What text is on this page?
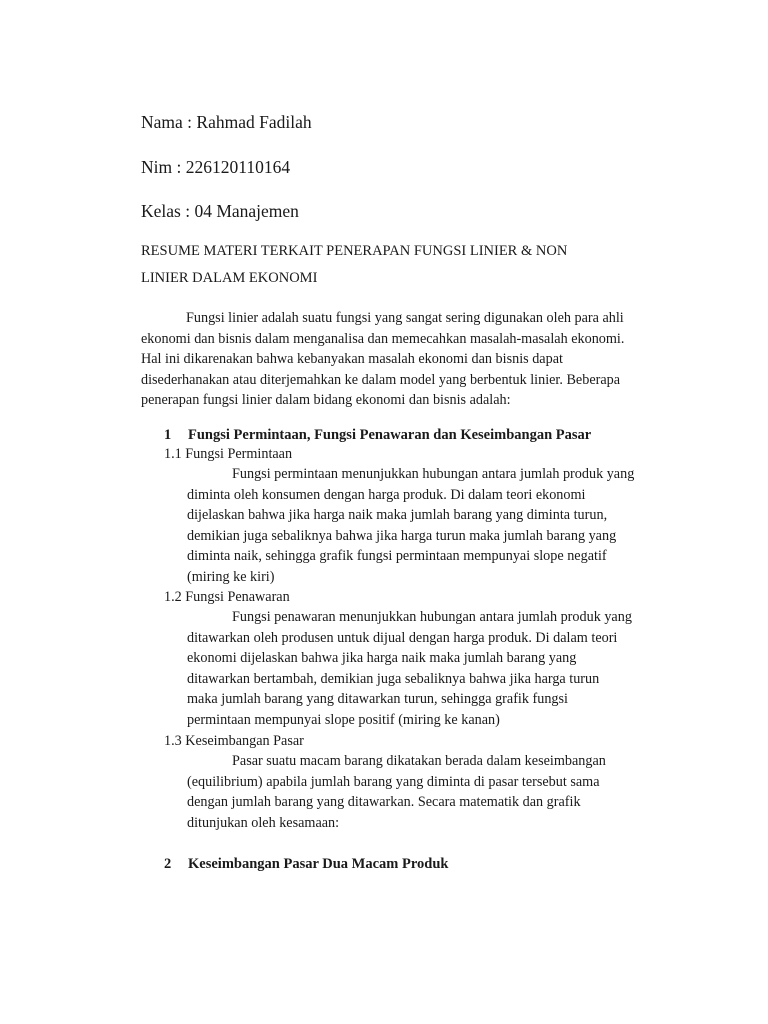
Nama : Rahmad Fadilah
Nim : 226120110164
Kelas : 04 Manajemen
RESUME MATERI TERKAIT PENERAPAN FUNGSI LINIER & NON
LINIER DALAM EKONOMI
Fungsi linier adalah suatu fungsi yang sangat sering digunakan oleh para ahli
ekonomi dan bisnis dalam menganalisa dan memecahkan masalah-masalah ekonomi.
Hal ini dikarenakan bahwa kebanyakan masalah ekonomi dan bisnis dapat
disederhanakan atau diterjemahkan ke dalam model yang berbentuk linier. Beberapa
penerapan fungsi linier dalam bidang ekonomi dan bisnis adalah:
1 Fungsi Permintaan, Fungsi Penawaran dan Keseimbangan Pasar
1.1 Fungsi Permintaan
Fungsi permintaan menunjukkan hubungan antara jumlah produk yang
diminta oleh konsumen dengan harga produk. Di dalam teori ekonomi
dijelaskan bahwa jika harga naik maka jumlah barang yang diminta turun,
demikian juga sebaliknya bahwa jika harga turun maka jumlah barang yang
diminta naik, sehingga grafik fungsi permintaan mempunyai slope negatif
(miring ke kiri)
1.2 Fungsi Penawaran
Fungsi penawaran menunjukkan hubungan antara jumlah produk yang
ditawarkan oleh produsen untuk dijual dengan harga produk. Di dalam teori
ekonomi dijelaskan bahwa jika harga naik maka jumlah barang yang
ditawarkan bertambah, demikian juga sebaliknya bahwa jika harga turun
maka jumlah barang yang ditawarkan turun, sehingga grafik fungsi
permintaan mempunyai slope positif (miring ke kanan)
1.3 Keseimbangan Pasar
Pasar suatu macam barang dikatakan berada dalam keseimbangan
(equilibrium) apabila jumlah barang yang diminta di pasar tersebut sama
dengan jumlah barang yang ditawarkan. Secara matematik dan grafik
ditunjukan oleh kesamaan:
2 Keseimbangan Pasar Dua Macam Produk
